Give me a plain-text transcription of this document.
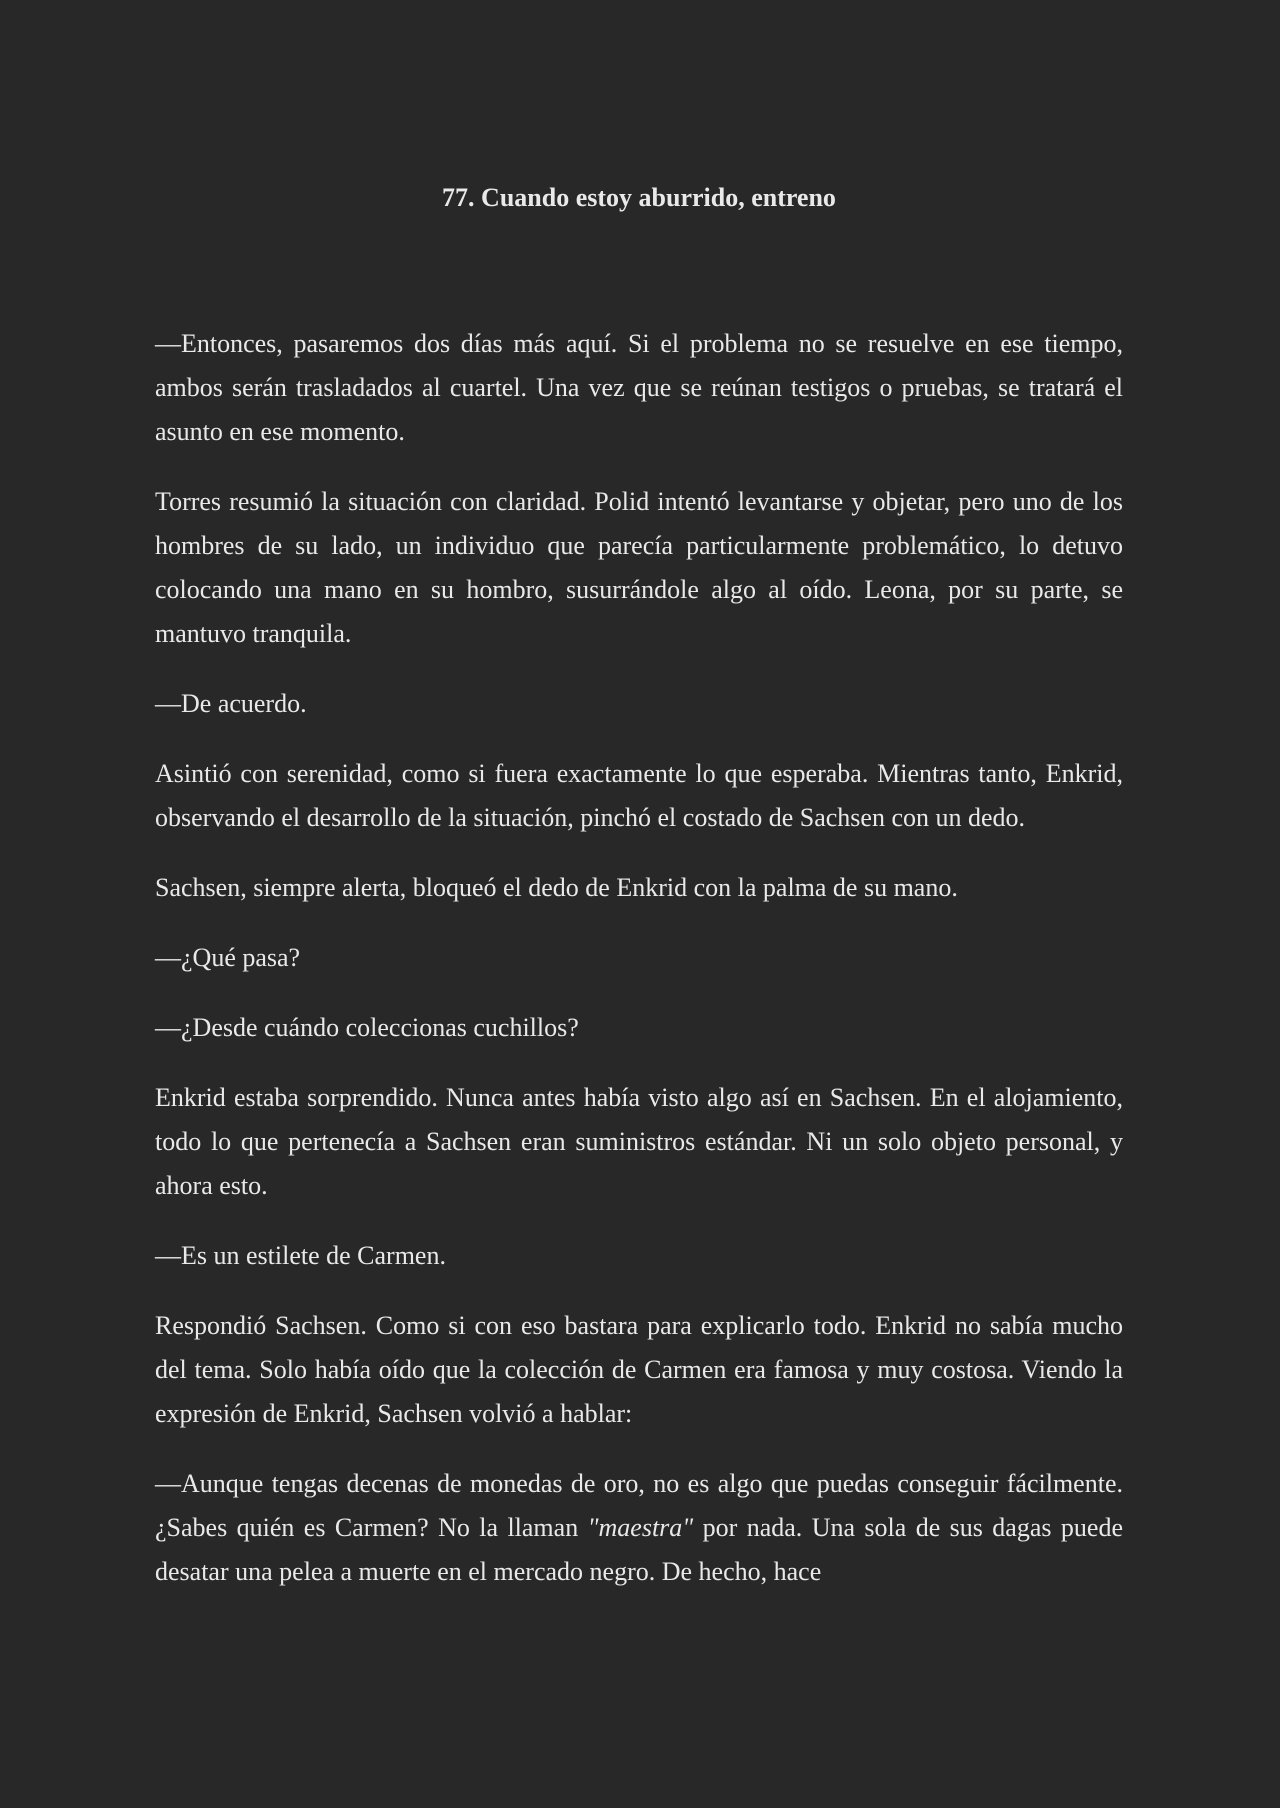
77. Cuando estoy aburrido, entreno

—Entonces, pasaremos dos días más aquí. Si el problema no se resuelve en ese tiempo, ambos serán trasladados al cuartel. Una vez que se reúnan testigos o pruebas, se tratará el asunto en ese momento.

Torres resumió la situación con claridad. Polid intentó levantarse y objetar, pero uno de los hombres de su lado, un individuo que parecía particularmente problemático, lo detuvo colocando una mano en su hombro, susurrándole algo al oído. Leona, por su parte, se mantuvo tranquila.

—De acuerdo.

Asintió con serenidad, como si fuera exactamente lo que esperaba. Mientras tanto, Enkrid, observando el desarrollo de la situación, pinchó el costado de Sachsen con un dedo.

Sachsen, siempre alerta, bloqueó el dedo de Enkrid con la palma de su mano.

—¿Qué pasa?

—¿Desde cuándo coleccionas cuchillos?

Enkrid estaba sorprendido. Nunca antes había visto algo así en Sachsen. En el alojamiento, todo lo que pertenecía a Sachsen eran suministros estándar. Ni un solo objeto personal, y ahora esto.

—Es un estilete de Carmen.

Respondió Sachsen. Como si con eso bastara para explicarlo todo. Enkrid no sabía mucho del tema. Solo había oído que la colección de Carmen era famosa y muy costosa. Viendo la expresión de Enkrid, Sachsen volvió a hablar:

—Aunque tengas decenas de monedas de oro, no es algo que puedas conseguir fácilmente. ¿Sabes quién es Carmen? No la llaman "maestra" por nada. Una sola de sus dagas puede desatar una pelea a muerte en el mercado negro. De hecho, hace
